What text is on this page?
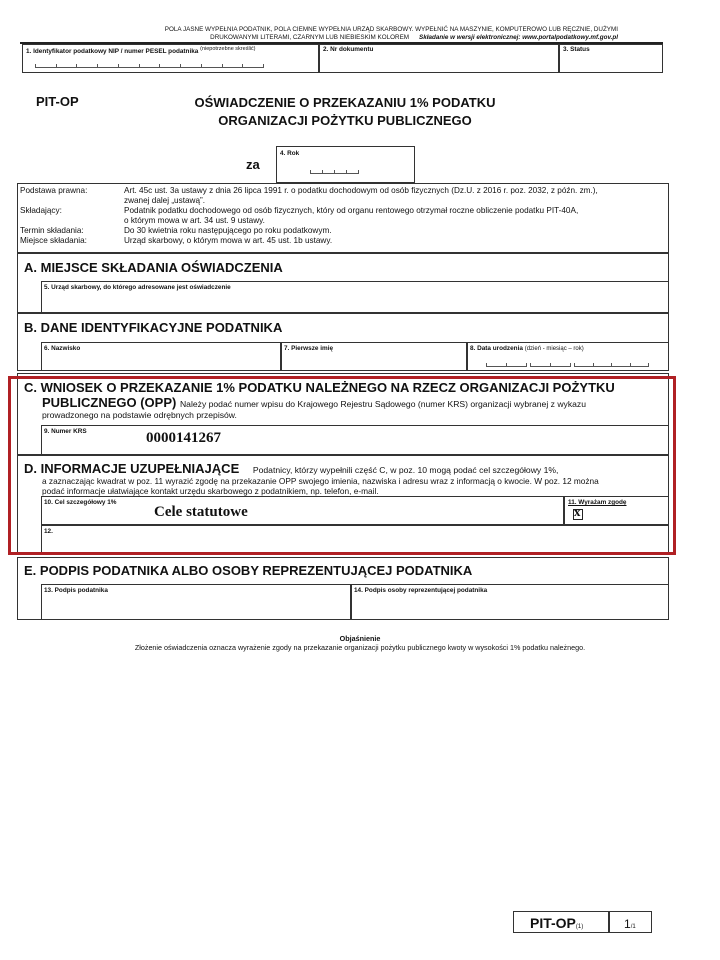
POLA JASNE WYPEŁNIA PODATNIK, POLA CIEMNE WYPEŁNIA URZĄD SKARBOWY. WYPEŁNIĆ NA MASZYNIE, KOMPUTEROWO LUB RĘCZNIE, DUŻYMI
DRUKOWANYMI LITERAMI, CZARNYM LUB NIEBIESKIM KOLOREM Składanie w wersji elektronicznej: www.portalpodatkowy.mf.gov.pl
1. Identyfikator podatkowy NIP / numer PESEL podatnika (niepotrzebne skreślić)	2. Nr dokumentu	3. Status
PIT-OP	OŚWIADCZENIE O PRZEKAZANIU 1% PODATKU
ORGANIZACJI POŻYTKU PUBLICZNEGO
za
4. Rok
Podstawa prawna:	Art. 45c ust. 3a ustawy z dnia 26 lipca 1991 r. o podatku dochodowym od osób fizycznych (Dz.U. z 2016 r. poz. 2032, z późn. zm.),
zwanej dalej „ustawą”.
Składający:	Podatnik podatku dochodowego od osób fizycznych, który od organu rentowego otrzymał roczne obliczenie podatku PIT-40A,
o którym mowa w art. 34 ust. 9 ustawy.
Termin składania:	Do 30 kwietnia roku następującego po roku podatkowym.
Miejsce składania:	Urząd skarbowy, o którym mowa w art. 45 ust. 1b ustawy.
A. MIEJSCE SKŁADANIA OŚWIADCZENIA
5. Urząd skarbowy, do którego adresowane jest oświadczenie
B. DANE IDENTYFIKACYJNE PODATNIKA
6. Nazwisko	7. Pierwsze imię	8. Data urodzenia (dzień - miesiąc – rok)
C. WNIOSEK O PRZEKAZANIE 1% PODATKU NALEŻNEGO NA RZECZ ORGANIZACJI POŻYTKU
PUBLICZNEGO (OPP) Należy podać numer wpisu do Krajowego Rejestru Sądowego (numer KRS) organizacji wybranej z wykazu
prowadzonego na podstawie odrębnych przepisów.
9. Numer KRS	0000141267
D. INFORMACJE UZUPEŁNIAJĄCE Podatnicy, którzy wypełnili część C, w poz. 10 mogą podać cel szczegółowy 1%,
a zaznaczając kwadrat w poz. 11 wyrazić zgodę na przekazanie OPP swojego imienia, nazwiska i adresu wraz z informacją o kwocie. W poz. 12 można
podać informacje ułatwiające kontakt urzędu skarbowego z podatnikiem, np. telefon, e-mail.
10. Cel szczegółowy 1%
Cele statutowe
11. Wyrażam zgodę
x
12.
E. PODPIS PODATNIKA ALBO OSOBY REPREZENTUJĄCEJ PODATNIKA
13. Podpis podatnika	14. Podpis osoby reprezentującej podatnika
Objaśnienie
Złożenie oświadczenia oznacza wyrażenie zgody na przekazanie organizacji pożytku publicznego kwoty w wysokości 1% podatku należnego.
PIT-OP(1)	1/1
